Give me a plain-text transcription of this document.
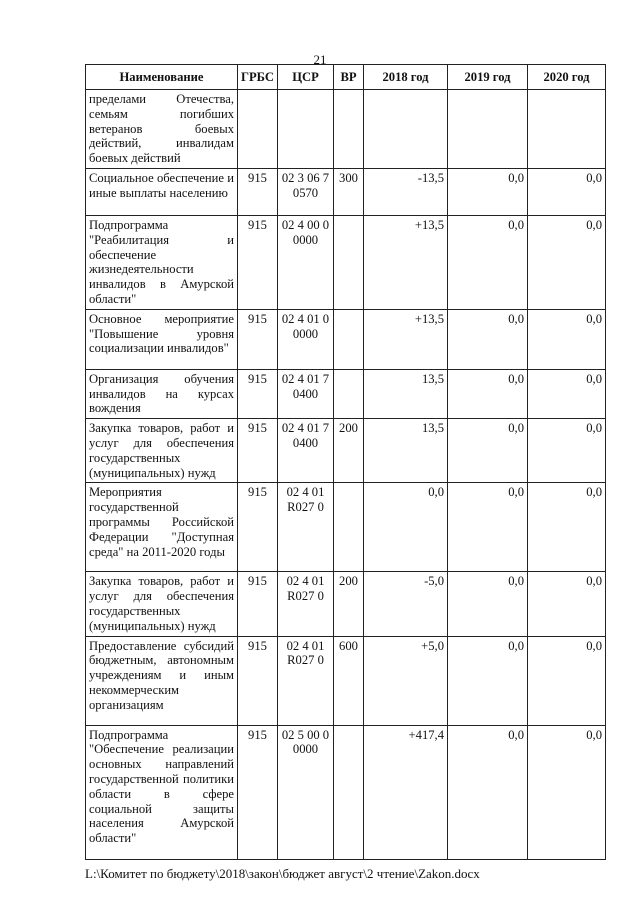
21
Наименование	ГРБС	ЦСР	ВР	2018 год	2019 год	2020 год
пределами Отечества, семьям погибших ветеранов боевых действий, инвалидам боевых действий						
Социальное обеспечение и иные выплаты населению	915	02 3 06 70570	300	-13,5	0,0	0,0
Подпрограмма "Реабилитация и обеспечение жизнедеятельности инвалидов в Амурской области"	915	02 4 00 00000		+13,5	0,0	0,0
Основное мероприятие "Повышение уровня социализации инвалидов"	915	02 4 01 00000		+13,5	0,0	0,0
Организация обучения инвалидов на курсах вождения	915	02 4 01 70400		13,5	0,0	0,0
Закупка товаров, работ и услуг для обеспечения государственных (муниципальных) нужд	915	02 4 01 70400	200	13,5	0,0	0,0
Мероприятия государственной программы Российской Федерации "Доступная среда" на 2011-2020 годы	915	02 4 01 R027 0		0,0	0,0	0,0
Закупка товаров, работ и услуг для обеспечения государственных (муниципальных) нужд	915	02 4 01 R027 0	200	-5,0	0,0	0,0
Предоставление субсидий бюджетным, автономным учреждениям и иным некоммерческим организациям	915	02 4 01 R027 0	600	+5,0	0,0	0,0
Подпрограмма "Обеспечение реализации основных направлений государственной политики области в сфере социальной защиты населения Амурской области"	915	02 5 00 00000		+417,4	0,0	0,0
L:\Комитет по бюджету\2018\закон\бюджет август\2 чтение\Zakon.docx
